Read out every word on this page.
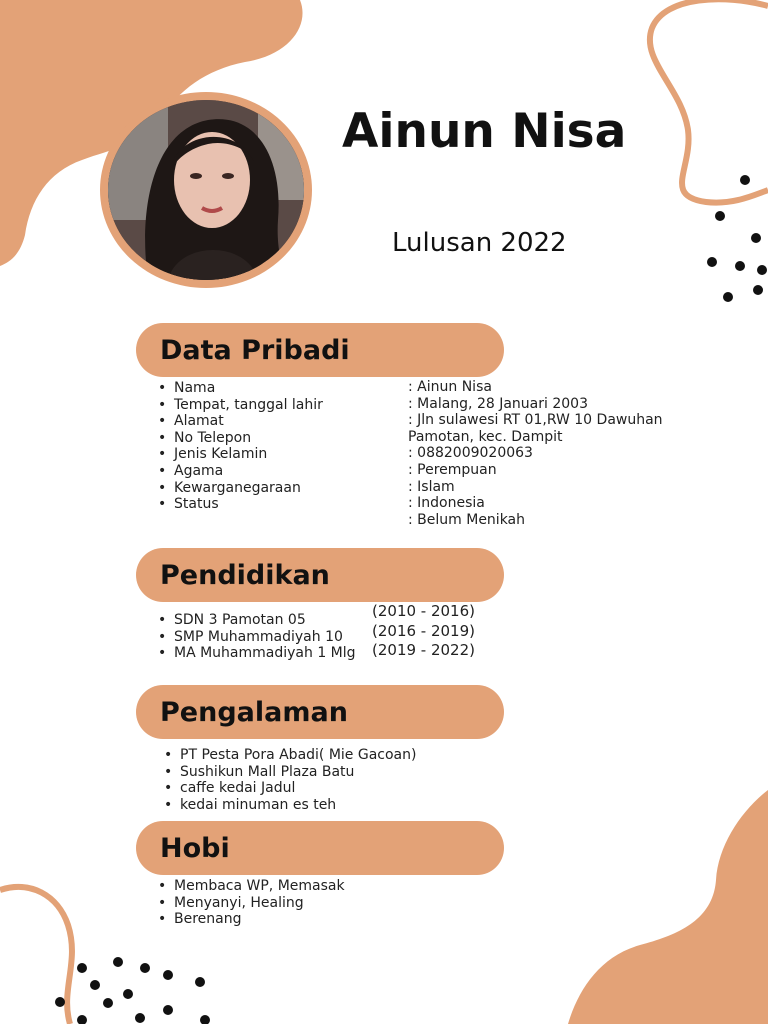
Ainun Nisa
Lulusan 2022
Data Pribadi
• Nama
• Tempat, tanggal lahir
• Alamat
• No Telepon
• Jenis Kelamin
• Agama
• Kewarganegaraan
• Status
: Ainun Nisa
: Malang, 28 Januari 2003
: Jln sulawesi RT 01,RW 10 Dawuhan
Pamotan, kec. Dampit
: 0882009020063
: Perempuan
: Islam
: Indonesia
: Belum Menikah
Pendidikan
• SDN 3 Pamotan 05
• SMP Muhammadiyah 10
• MA Muhammadiyah 1 Mlg
(2010 - 2016)
(2016 - 2019)
(2019 - 2022)
Pengalaman
• PT Pesta Pora Abadi( Mie Gacoan)
• Sushikun Mall Plaza Batu
• caffe kedai Jadul
• kedai minuman es teh
Hobi
• Membaca WP, Memasak
• Menyanyi, Healing
• Berenang
